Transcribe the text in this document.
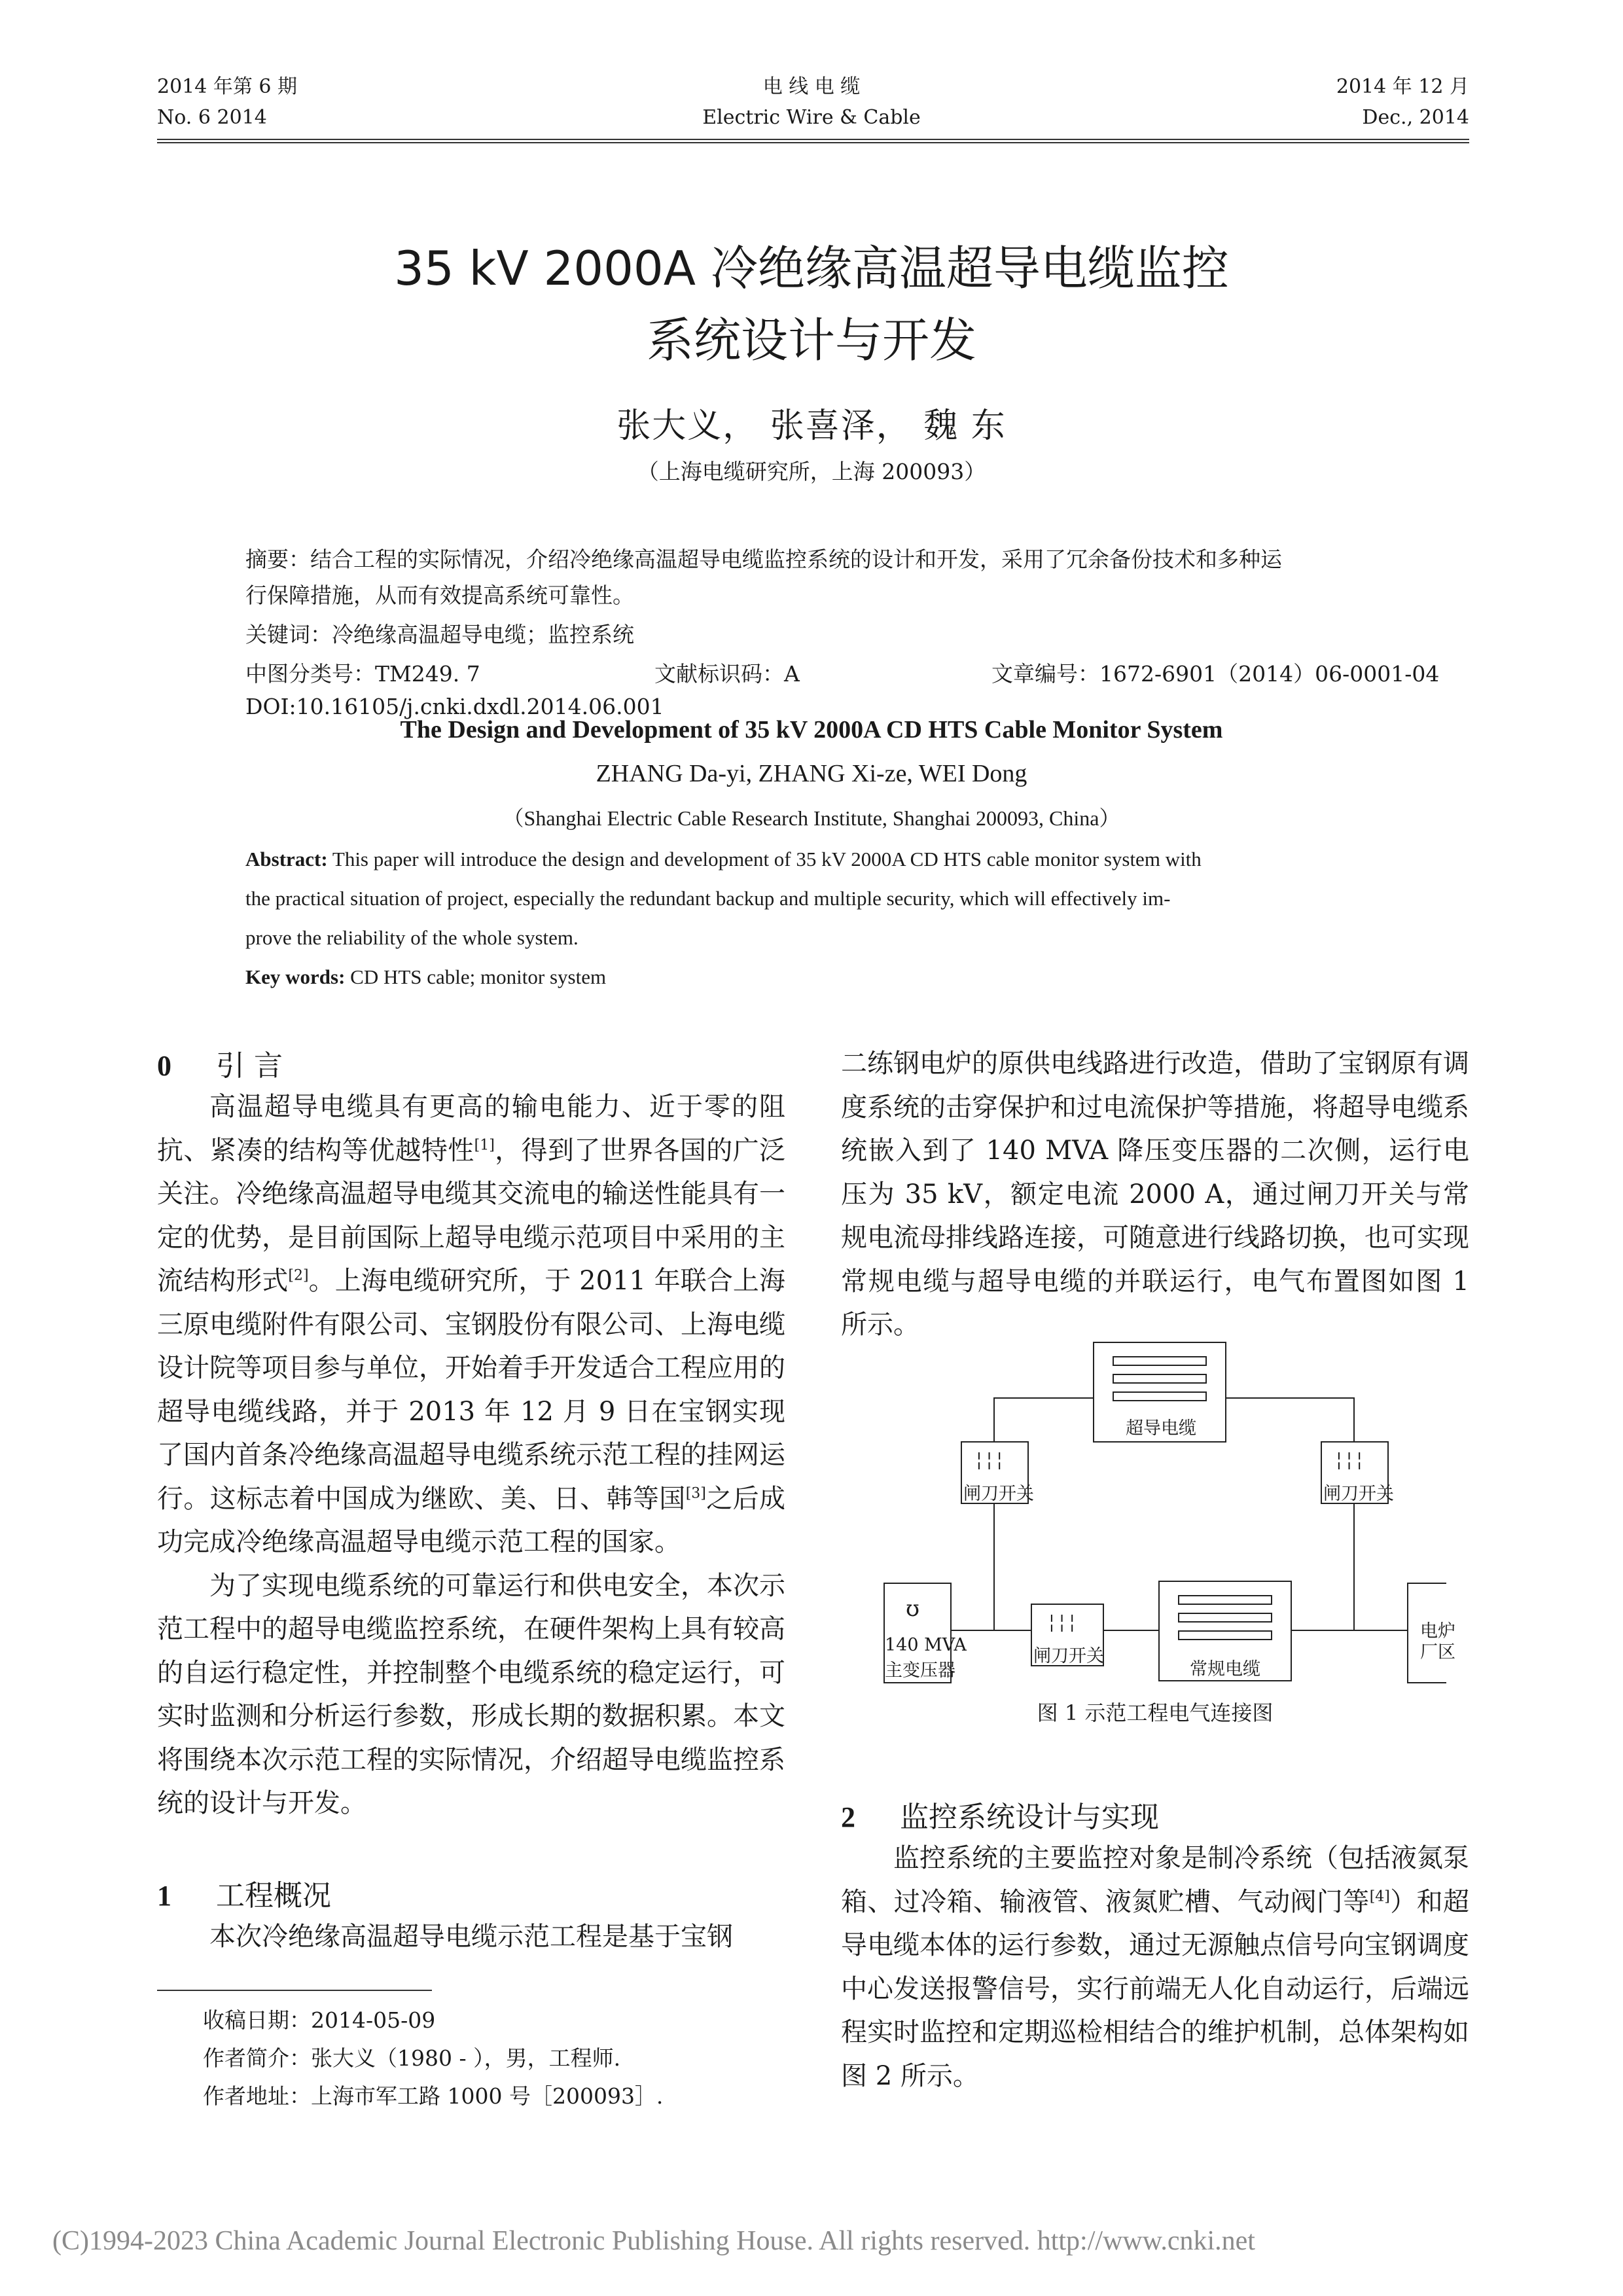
2014 年第 6 期
No. 6 2014
电 线 电 缆
Electric Wire & Cable
2014 年 12 月
Dec., 2014
35 kV 2000A 冷绝缘高温超导电缆监控
系统设计与开发
张大义， 张喜泽， 魏 东
（上海电缆研究所，上海 200093）
摘要：结合工程的实际情况，介绍冷绝缘高温超导电缆监控系统的设计和开发，采用了冗余备份技术和多种运
行保障措施，从而有效提高系统可靠性。
关键词：冷绝缘高温超导电缆；监控系统
中图分类号：TM249. 7	文献标识码：A	文章编号：1672-6901（2014）06-0001-04
DOI:10.16105/j.cnki.dxdl.2014.06.001
The Design and Development of 35 kV 2000A CD HTS Cable Monitor System
ZHANG Da-yi, ZHANG Xi-ze, WEI Dong
（Shanghai Electric Cable Research Institute, Shanghai 200093, China）
Abstract: This paper will introduce the design and development of 35 kV 2000A CD HTS cable monitor system with
the practical situation of project, especially the redundant backup and multiple security, which will effectively im-
prove the reliability of the whole system.
Key words: CD HTS cable; monitor system
0 引 言

高温超导电缆具有更高的输电能力、近于零的阻抗、紧凑的结构等优越特性[1]，得到了世界各国的广泛关注。冷绝缘高温超导电缆其交流电的输送性能具有一定的优势，是目前国际上超导电缆示范项目中采用的主流结构形式[2]。上海电缆研究所，于 2011 年联合上海三原电缆附件有限公司、宝钢股份有限公司、上海电缆设计院等项目参与单位，开始着手开发适合工程应用的超导电缆线路，并于 2013 年 12 月 9 日在宝钢实现了国内首条冷绝缘高温超导电缆系统示范工程的挂网运行。这标志着中国成为继欧、美、日、韩等国[3]之后成功完成冷绝缘高温超导电缆示范工程的国家。

为了实现电缆系统的可靠运行和供电安全，本次示范工程中的超导电缆监控系统，在硬件架构上具有较高的自运行稳定性，并控制整个电缆系统的稳定运行，可实时监测和分析运行参数，形成长期的数据积累。本文将围绕本次示范工程的实际情况，介绍超导电缆监控系统的设计与开发。

1 工程概况

本次冷绝缘高温超导电缆示范工程是基于宝钢

收稿日期：2014-05-09
作者简介：张大义（1980 - ），男，工程师.
作者地址：上海市军工路 1000 号［200093］.

二练钢电炉的原供电线路进行改造，借助了宝钢原有调度系统的击穿保护和过电流保护等措施，将超导电缆系统嵌入到了 140 MVA 降压变压器的二次侧，运行电压为 35 kV，额定电流 2000 A，通过闸刀开关与常规电流母排线路连接，可随意进行线路切换，也可实现常规电缆与超导电缆的并联运行，电气布置图如图 1 所示。

超导电缆
╎╎╎
闸刀开关
╎╎╎
闸刀开关
ʊ
140 MVA
主变压器
╎╎╎
闸刀开关
常规电缆
电炉
厂区
图 1 示范工程电气连接图
2 监控系统设计与实现

监控系统的主要监控对象是制冷系统（包括液氮泵箱、过冷箱、输液管、液氮贮槽、气动阀门等[4]）和超导电缆本体的运行参数，通过无源触点信号向宝钢调度中心发送报警信号，实行前端无人化自动运行，后端远程实时监控和定期巡检相结合的维护机制，总体架构如图 2 所示。

(C)1994-2023 China Academic Journal Electronic Publishing House. All rights reserved. http://www.cnki.net
